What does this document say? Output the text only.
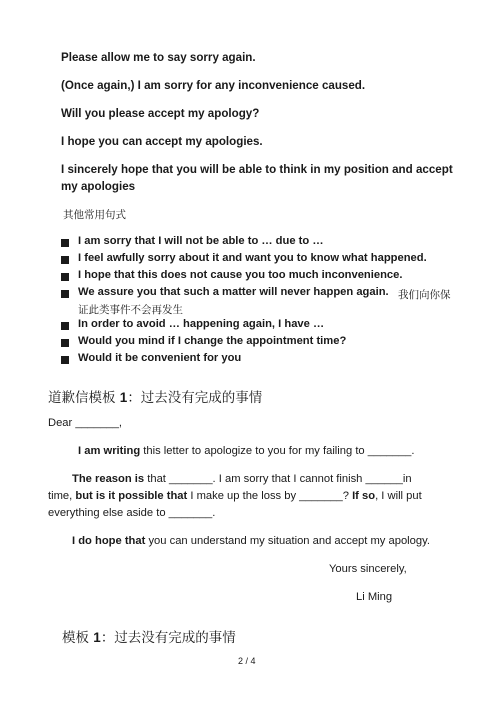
Please allow me to say sorry again.
(Once again,) I am sorry for any inconvenience caused.
Will you please accept my apology?
I hope you can accept my apologies.
I sincerely hope that you will be able to think in my position and accept
my apologies
其他常用句式
I am sorry that I will not be able to … due to …
I feel awfully sorry about it and want you to know what happened.
I hope that this does not cause you too much inconvenience.
We assure you that such a matter will never happen again. 我们向你保
证此类事件不会再发生
In order to avoid … happening again, I have …
Would you mind if I change the appointment time?
Would it be convenient for you
道歉信模板 1：过去没有完成的事情
Dear _______,
I am writing this letter to apologize to you for my failing to _______.
The reason is that _______. I am sorry that I cannot finish ______in
time, but is it possible that I make up the loss by _______? If so, I will put
everything else aside to _______.
I do hope that you can understand my situation and accept my apology.
Yours sincerely,
Li Ming
模板 1：过去没有完成的事情
2 / 4
